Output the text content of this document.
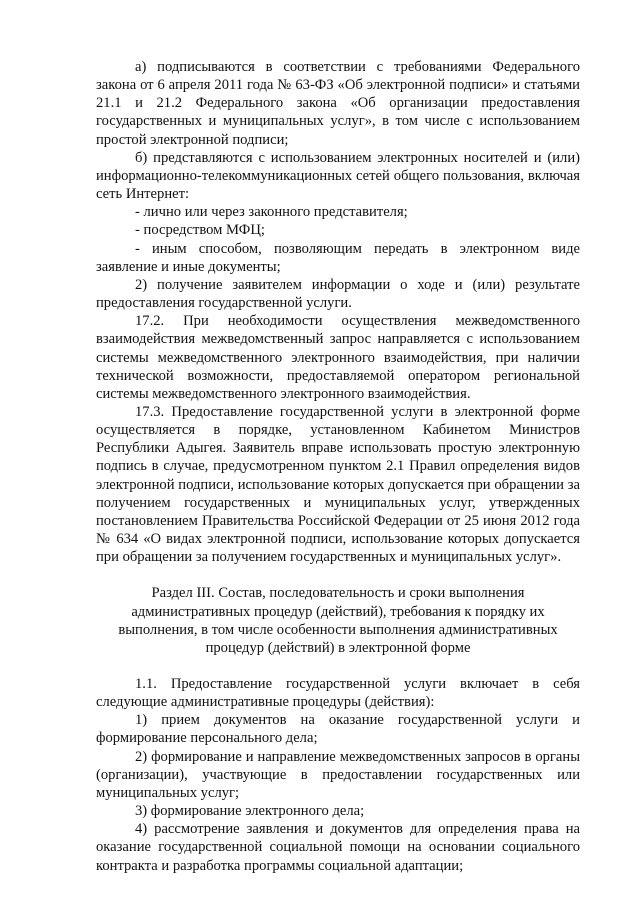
а) подписываются в соответствии с требованиями Федерального закона от 6 апреля 2011 года № 63-ФЗ «Об электронной подписи» и статьями 21.1 и 21.2 Федерального закона «Об организации предоставления государственных и муниципальных услуг», в том числе с использованием простой электронной подписи;

б) представляются с использованием электронных носителей и (или) информационно-телекоммуникационных сетей общего пользования, включая сеть Интернет:

- лично или через законного представителя;

- посредством МФЦ;

- иным способом, позволяющим передать в электронном виде заявление и иные документы;

2) получение заявителем информации о ходе и (или) результате предоставления государственной услуги.

17.2. При необходимости осуществления межведомственного взаимодействия межведомственный запрос направляется с использованием системы межведомственного электронного взаимодействия, при наличии технической возможности, предоставляемой оператором региональной системы межведомственного электронного взаимодействия.

17.3. Предоставление государственной услуги в электронной форме осуществляется в порядке, установленном Кабинетом Министров Республики Адыгея. Заявитель вправе использовать простую электронную подпись в случае, предусмотренном пунктом 2.1 Правил определения видов электронной подписи, использование которых допускается при обращении за получением государственных и муниципальных услуг, утвержденных постановлением Правительства Российской Федерации от 25 июня 2012 года № 634 «О видах электронной подписи, использование которых допускается при обращении за получением государственных и муниципальных услуг».

Раздел III. Состав, последовательность и сроки выполнения
административных процедур (действий), требования к порядку их
выполнения, в том числе особенности выполнения административных
процедур (действий) в электронной форме

1.1. Предоставление государственной услуги включает в себя следующие административные процедуры (действия):

1) прием документов на оказание государственной услуги и формирование персонального дела;

2) формирование и направление межведомственных запросов в органы (организации), участвующие в предоставлении государственных или муниципальных услуг;

3) формирование электронного дела;

4) рассмотрение заявления и документов для определения права на оказание государственной социальной помощи на основании социального контракта и разработка программы социальной адаптации;
